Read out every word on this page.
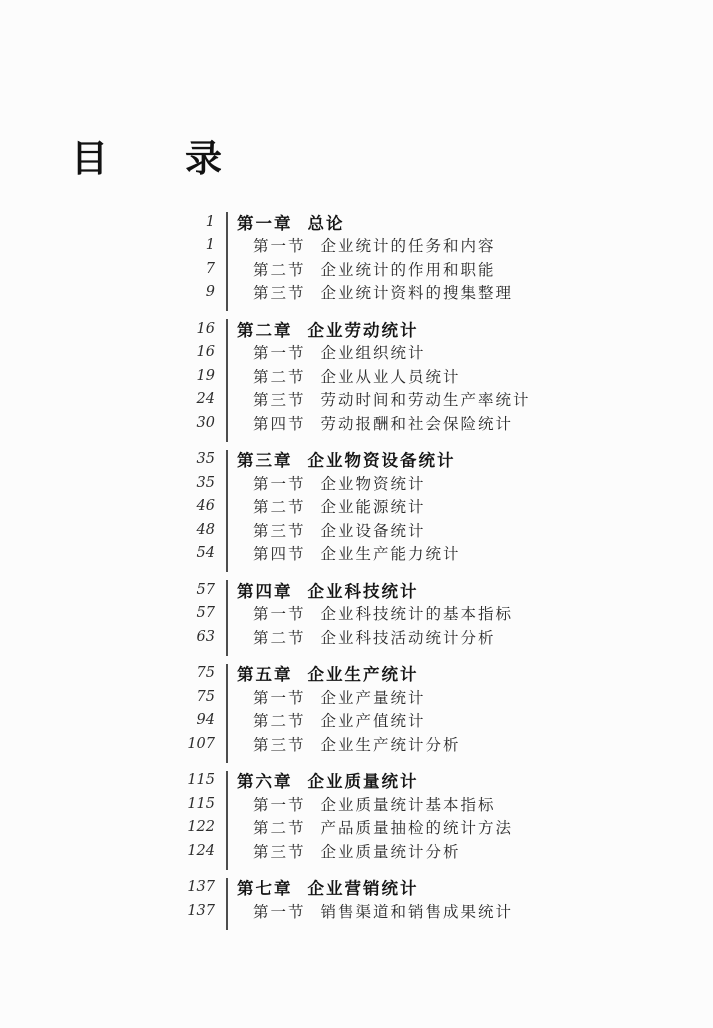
目　　录
1 第一章 总论
1 第一节 企业统计的任务和内容
7 第二节 企业统计的作用和职能
9 第三节 企业统计资料的搜集整理
16 第二章 企业劳动统计
16 第一节 企业组织统计
19 第二节 企业从业人员统计
24 第三节 劳动时间和劳动生产率统计
30 第四节 劳动报酬和社会保险统计
35 第三章 企业物资设备统计
35 第一节 企业物资统计
46 第二节 企业能源统计
48 第三节 企业设备统计
54 第四节 企业生产能力统计
57 第四章 企业科技统计
57 第一节 企业科技统计的基本指标
63 第二节 企业科技活动统计分析
75 第五章 企业生产统计
75 第一节 企业产量统计
94 第二节 企业产值统计
107 第三节 企业生产统计分析
115 第六章 企业质量统计
115 第一节 企业质量统计基本指标
122 第二节 产品质量抽检的统计方法
124 第三节 企业质量统计分析
137 第七章 企业营销统计
137 第一节 销售渠道和销售成果统计
